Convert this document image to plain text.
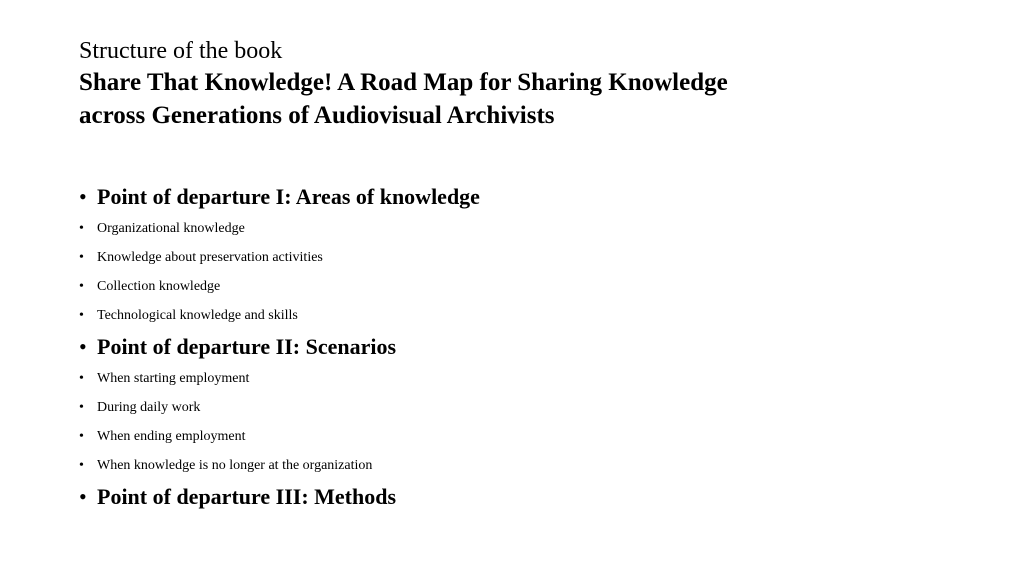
Structure of the book
Share That Knowledge! A Road Map for Sharing Knowledge
across Generations of Audiovisual Archivists
• Point of departure I: Areas of knowledge
• Organizational knowledge
• Knowledge about preservation activities
• Collection knowledge
• Technological knowledge and skills
• Point of departure II: Scenarios
• When starting employment
• During daily work
• When ending employment
• When knowledge is no longer at the organization
• Point of departure III: Methods
